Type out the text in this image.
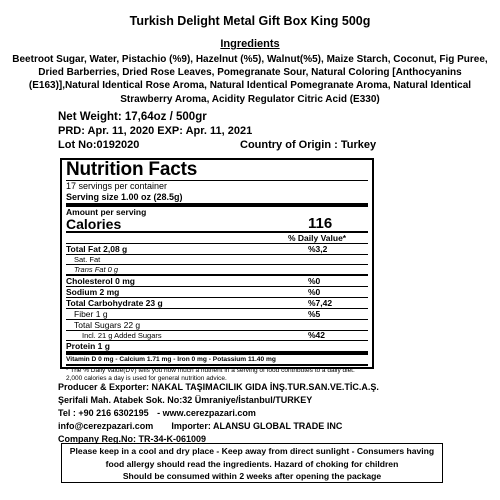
Turkish Delight Metal Gift Box King 500g
Ingredients
Beetroot Sugar, Water, Pistachio (%9), Hazelnut (%5), Walnut(%5), Maize Starch, Coconut, Fig Puree, Dried Barberries, Dried Rose Leaves, Pomegranate Sour, Natural Coloring [Anthocyanins (E163)],Natural Identical Rose Aroma, Natural Identical Pomegranate Aroma, Natural Identical Strawberry Aroma, Acidity Regulator Citric Acid (E330)
Net Weight: 17,64oz / 500gr
PRD: Apr. 11, 2020 EXP: Apr. 11, 2021
Lot No:0192020	Country of Origin : Turkey
Nutrition Facts
17 servings per container
Serving size 1.00 oz (28.5g)
Amount per serving
Calories	116
% Daily Value*
Total Fat 2,08 g	%3,2
Sat. Fat
Trans Fat 0 g
Cholesterol 0 mg	%0
Sodium 2 mg	%0
Total Carbohydrate 23 g	%7,42
Fiber 1 g	%5
Total Sugars 22 g
Incl. 21 g Added Sugars	%42
Protein 1 g
Vitamin D 0 mg - Calcium 1.71 mg - Iron 0 mg - Potassium 11.40 mg
* The % Daily Value(DV) tells you how much a nutrient in a serving of food contributes to a daily diet. 2,000 calories a day is used for general nutrition advice.
Producer & Exporter: NAKAL TAŞIMACILIK GIDA İNŞ.TUR.SAN.VE.TİC.A.Ş.
Şerifali Mah. Atabek Sok. No:32 Ümraniye/İstanbul/TURKEY
Tel : +90 216 6302195 - www.cerezpazari.com
info@cerezpazari.com Importer: ALANSU GLOBAL TRADE INC
Company Reg.No: TR-34-K-061009
Please keep in a cool and dry place - Keep away from direct sunlight - Consumers having
food allergy should read the ingredients. Hazard of choking for children
Should be consumed within 2 weeks after opening the package
